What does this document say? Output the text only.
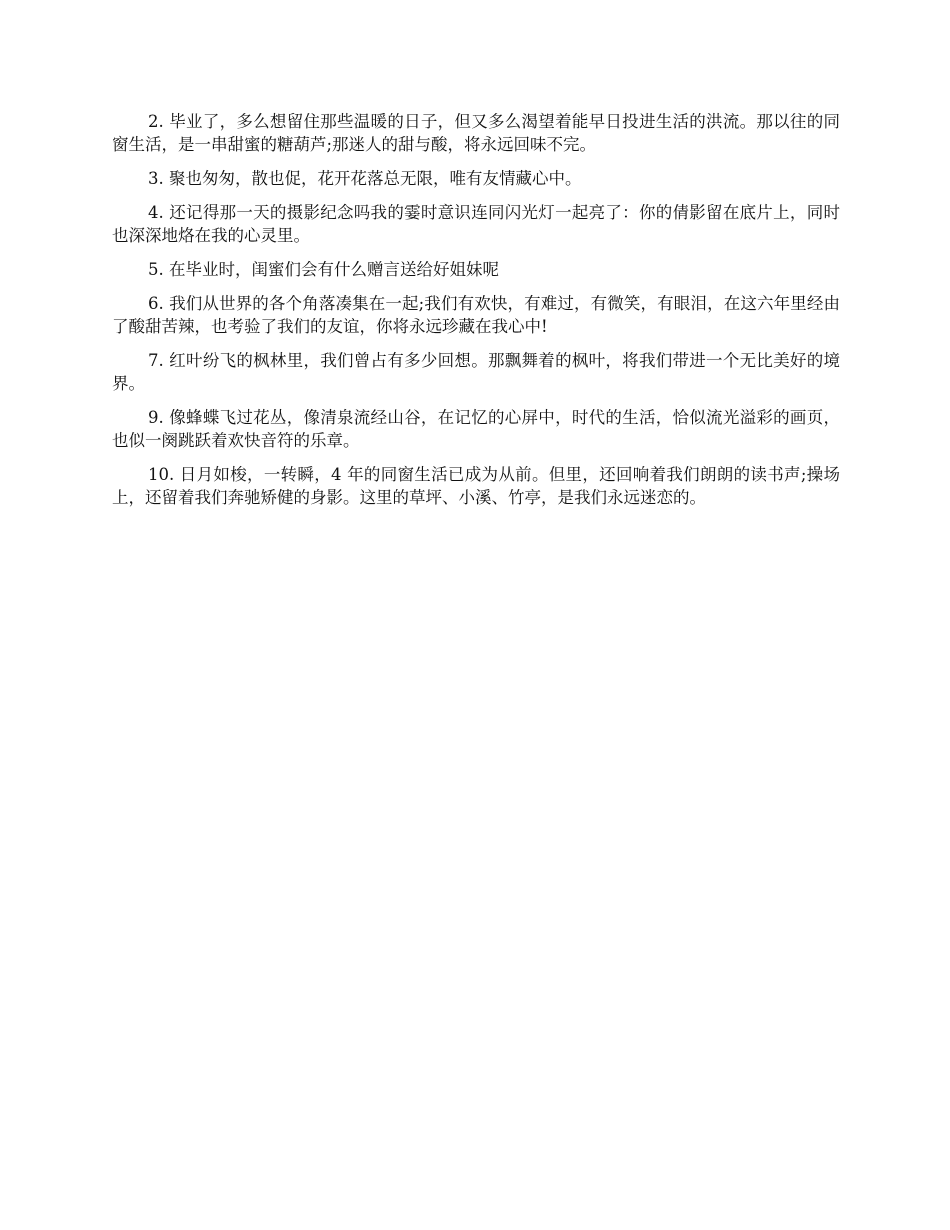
2. 毕业了，多么想留住那些温暖的日子，但又多么渴望着能早日投进生活的洪流。那以往的同窗生活，是一串甜蜜的糖葫芦;那迷人的甜与酸，将永远回味不完。

3. 聚也匆匆，散也促，花开花落总无限，唯有友情藏心中。

4. 还记得那一天的摄影纪念吗我的霎时意识连同闪光灯一起亮了：你的倩影留在底片上，同时也深深地烙在我的心灵里。

5. 在毕业时，闺蜜们会有什么赠言送给好姐妹呢

6. 我们从世界的各个角落凑集在一起;我们有欢快，有难过，有微笑，有眼泪，在这六年里经由了酸甜苦辣，也考验了我们的友谊，你将永远珍藏在我心中!

7. 红叶纷飞的枫林里，我们曾占有多少回想。那飘舞着的枫叶，将我们带进一个无比美好的境界。

9. 像蜂蝶飞过花丛，像清泉流经山谷，在记忆的心屏中，时代的生活，恰似流光溢彩的画页，也似一阕跳跃着欢快音符的乐章。

10. 日月如梭，一转瞬，4 年的同窗生活已成为从前。但里，还回响着我们朗朗的读书声;操场上，还留着我们奔驰矫健的身影。这里的草坪、小溪、竹亭，是我们永远迷恋的。
